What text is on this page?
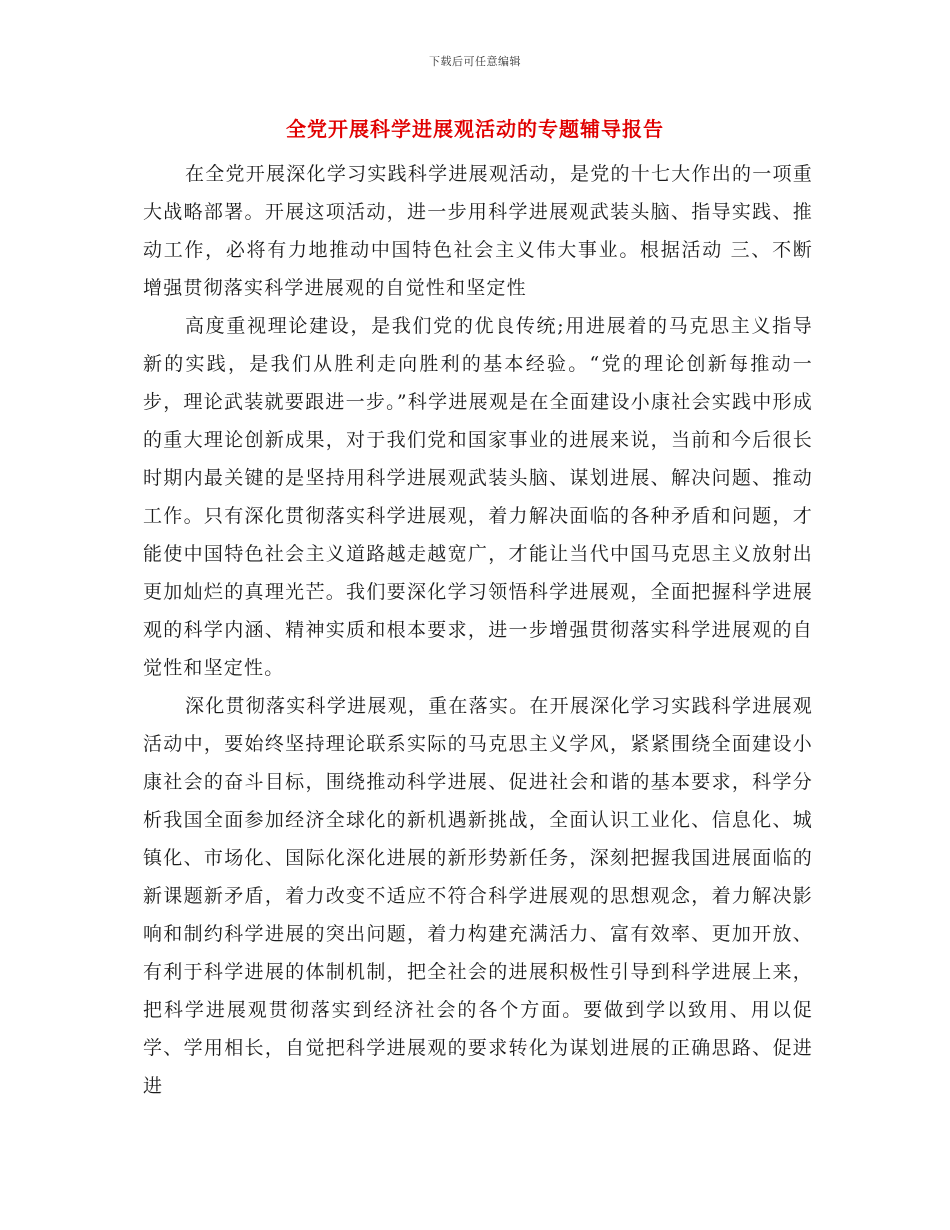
下载后可任意编辑
全党开展科学进展观活动的专题辅导报告

在全党开展深化学习实践科学进展观活动，是党的十七大作出的一项重大战略部署。开展这项活动，进一步用科学进展观武装头脑、指导实践、推动工作，必将有力地推动中国特色社会主义伟大事业。根据活动 三、不断增强贯彻落实科学进展观的自觉性和坚定性

高度重视理论建设，是我们党的优良传统;用进展着的马克思主义指导新的实践，是我们从胜利走向胜利的基本经验。“党的理论创新每推动一步，理论武装就要跟进一步。”科学进展观是在全面建设小康社会实践中形成的重大理论创新成果，对于我们党和国家事业的进展来说，当前和今后很长时期内最关键的是坚持用科学进展观武装头脑、谋划进展、解决问题、推动工作。只有深化贯彻落实科学进展观，着力解决面临的各种矛盾和问题，才能使中国特色社会主义道路越走越宽广，才能让当代中国马克思主义放射出更加灿烂的真理光芒。我们要深化学习领悟科学进展观，全面把握科学进展观的科学内涵、精神实质和根本要求，进一步增强贯彻落实科学进展观的自觉性和坚定性。

深化贯彻落实科学进展观，重在落实。在开展深化学习实践科学进展观活动中，要始终坚持理论联系实际的马克思主义学风，紧紧围绕全面建设小康社会的奋斗目标，围绕推动科学进展、促进社会和谐的基本要求，科学分析我国全面参加经济全球化的新机遇新挑战，全面认识工业化、信息化、城镇化、市场化、国际化深化进展的新形势新任务，深刻把握我国进展面临的新课题新矛盾，着力改变不适应不符合科学进展观的思想观念，着力解决影响和制约科学进展的突出问题，着力构建充满活力、富有效率、更加开放、有利于科学进展的体制机制，把全社会的进展积极性引导到科学进展上来，把科学进展观贯彻落实到经济社会的各个方面。要做到学以致用、用以促学、学用相长，自觉把科学进展观的要求转化为谋划进展的正确思路、促进进
